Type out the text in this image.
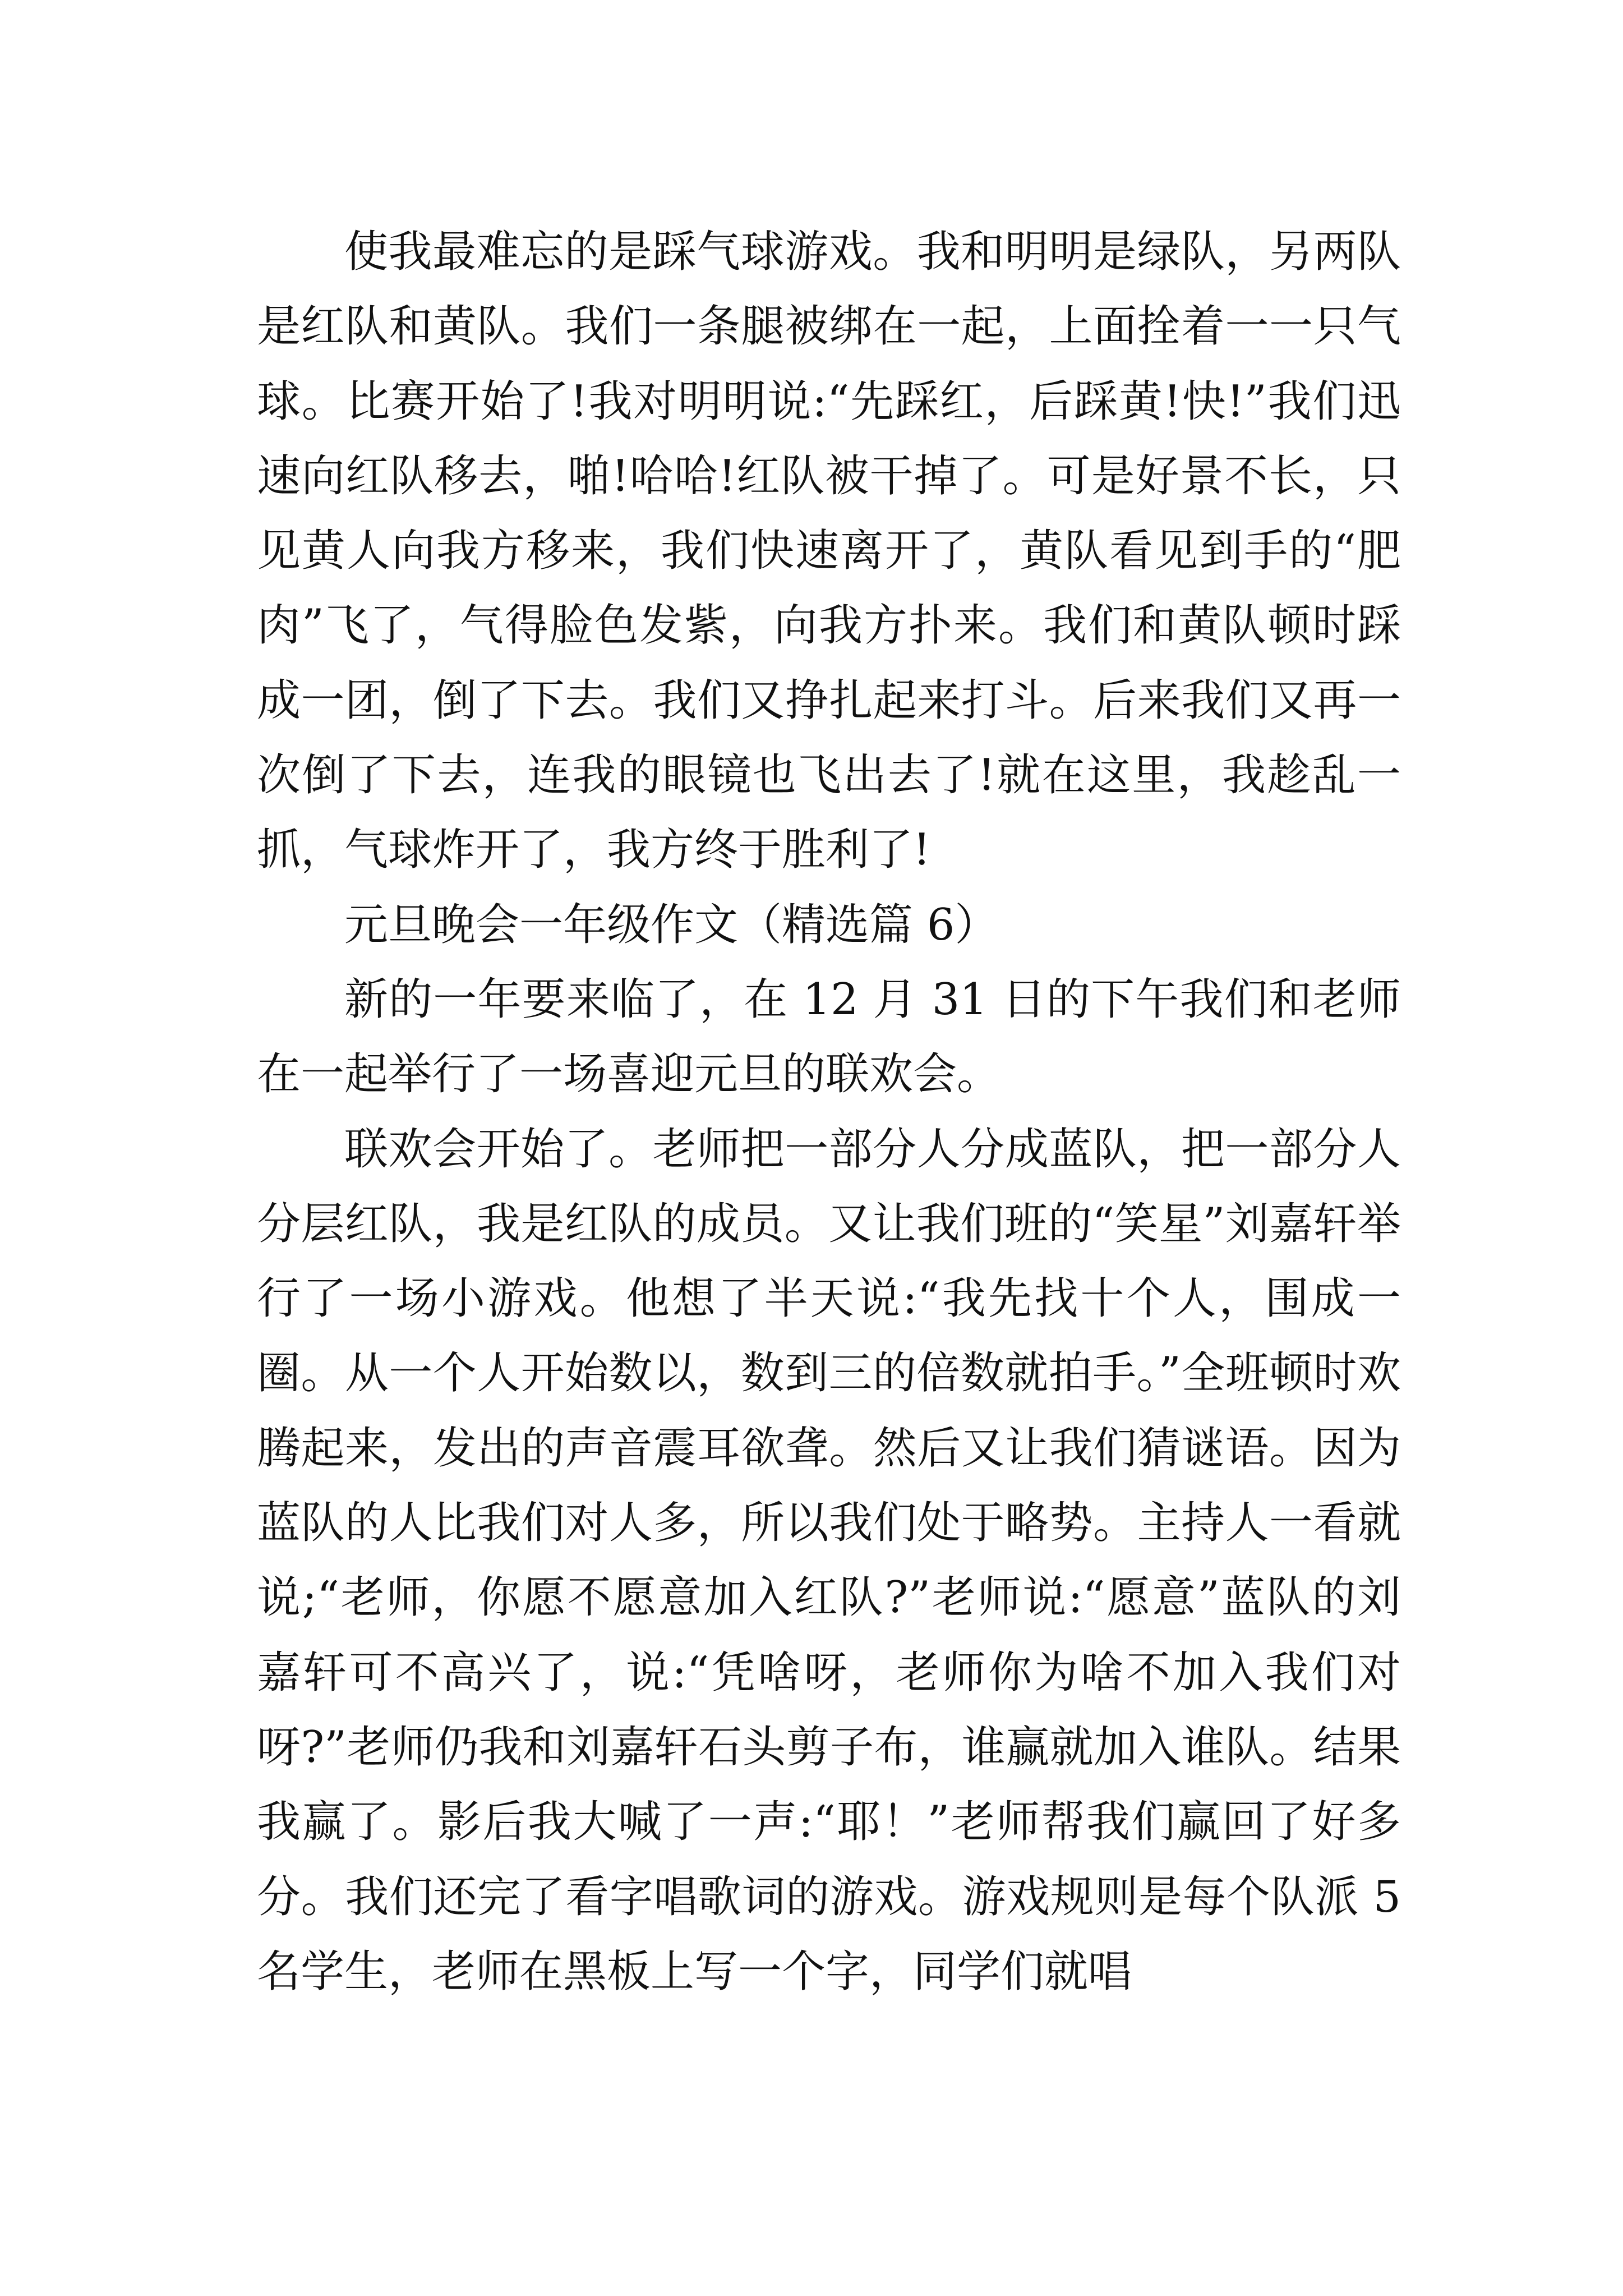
使我最难忘的是踩气球游戏。我和明明是绿队，另两队是红队和黄队。我们一条腿被绑在一起，上面拴着一一只气球。比赛开始了!我对明明说:“先踩红，后踩黄!快!”我们迅速向红队移去，啪!哈哈!红队被干掉了。可是好景不长，只见黄人向我方移来，我们快速离开了，黄队看见到手的“肥肉”飞了，气得脸色发紫，向我方扑来。我们和黄队顿时踩成一团，倒了下去。我们又挣扎起来打斗。后来我们又再一次倒了下去，连我的眼镜也飞出去了!就在这里，我趁乱一抓，气球炸开了，我方终于胜利了!

元旦晚会一年级作文（精选篇 6）

新的一年要来临了，在 12 月 31 日的下午我们和老师在一起举行了一场喜迎元旦的联欢会。

联欢会开始了。老师把一部分人分成蓝队，把一部分人分层红队，我是红队的成员。又让我们班的“笑星”刘嘉轩举行了一场小游戏。他想了半天说:“我先找十个人，围成一圈。从一个人开始数以，数到三的倍数就拍手。”全班顿时欢腾起来，发出的声音震耳欲聋。然后又让我们猜谜语。因为蓝队的人比我们对人多，所以我们处于略势。主持人一看就说;“老师，你愿不愿意加入红队?”老师说:“愿意”蓝队的刘嘉轩可不高兴了，说:“凭啥呀，老师你为啥不加入我们对呀?”老师仍我和刘嘉轩石头剪子布，谁赢就加入谁队。结果我赢了。影后我大喊了一声:“耶！”老师帮我们赢回了好多分。我们还完了看字唱歌词的游戏。游戏规则是每个队派 5 名学生，老师在黑板上写一个字，同学们就唱
